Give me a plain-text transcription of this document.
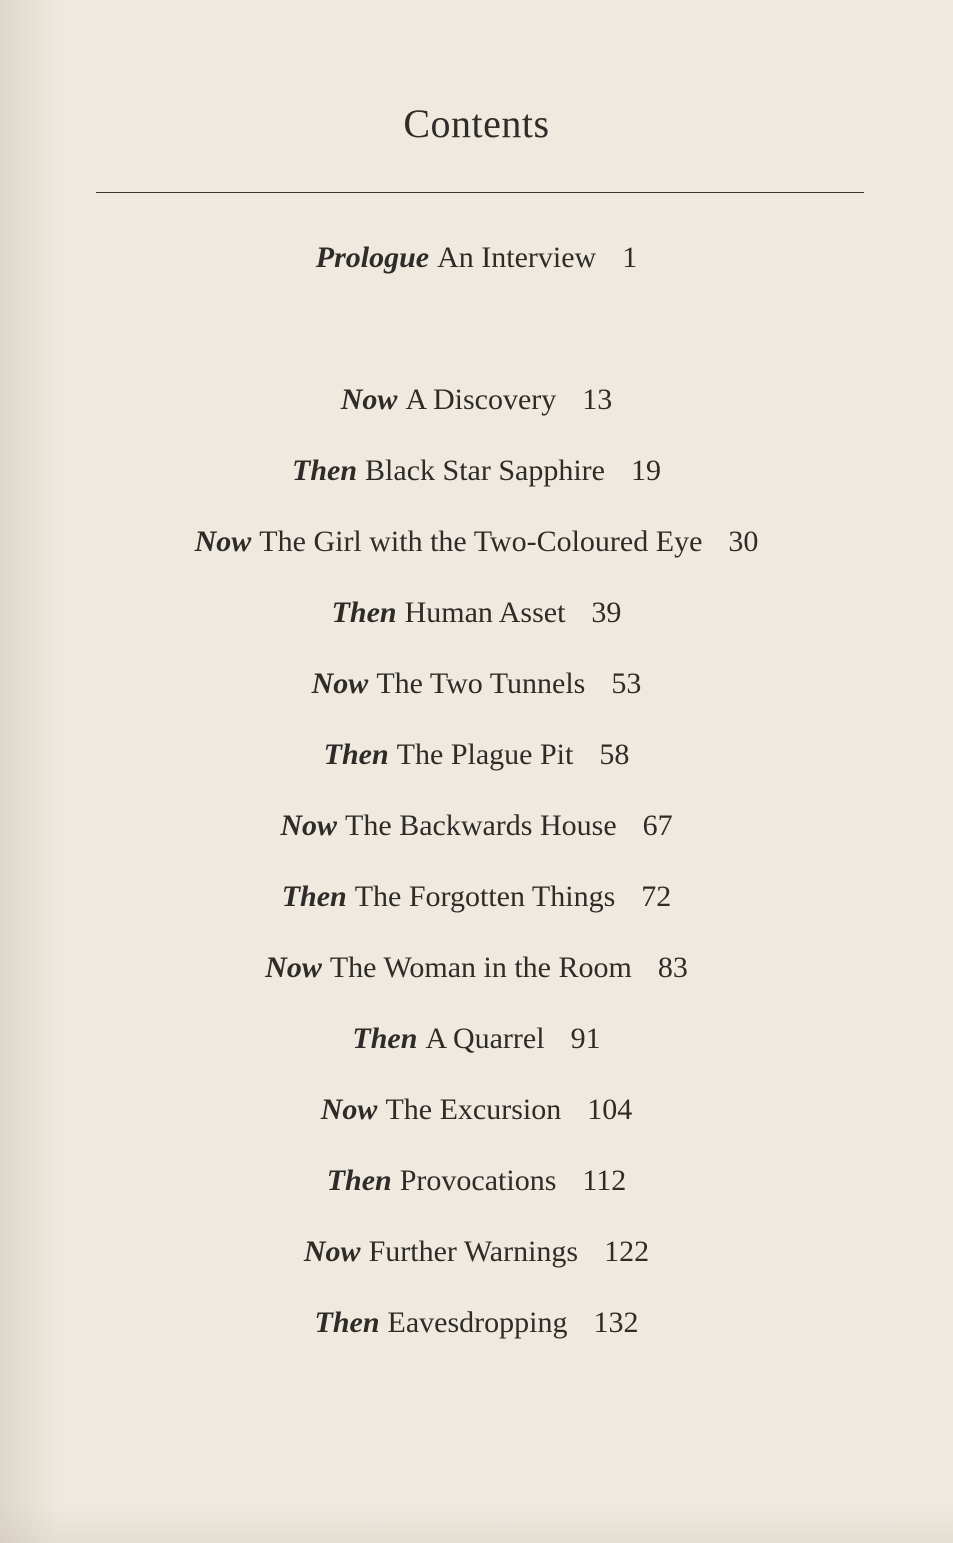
Contents
Prologue An Interview 1
Now A Discovery 13
Then Black Star Sapphire 19
Now The Girl with the Two-Coloured Eye 30
Then Human Asset 39
Now The Two Tunnels 53
Then The Plague Pit 58
Now The Backwards House 67
Then The Forgotten Things 72
Now The Woman in the Room 83
Then A Quarrel 91
Now The Excursion 104
Then Provocations 112
Now Further Warnings 122
Then Eavesdropping 132
